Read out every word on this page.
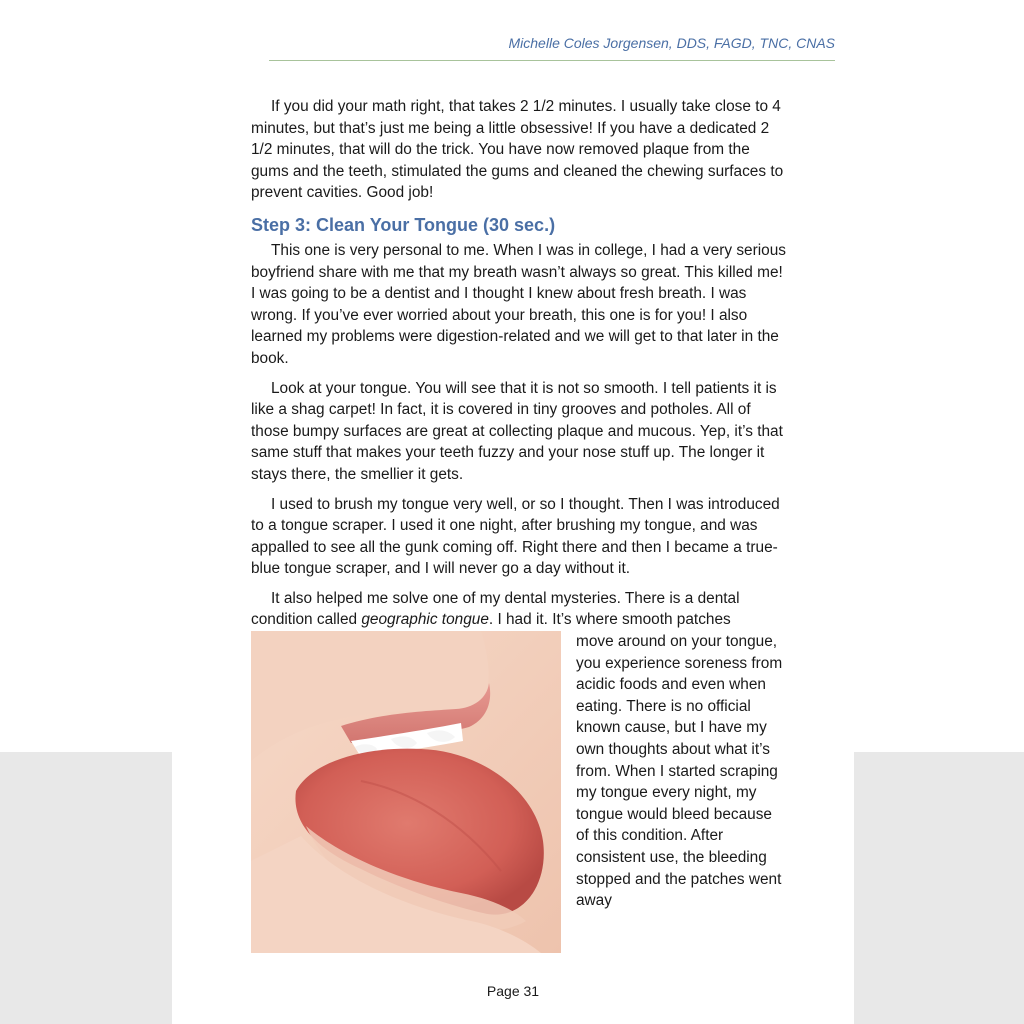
Michelle Coles Jorgensen, DDS, FAGD, TNC, CNAS

If you did your math right, that takes 2 1/2 minutes. I usually take close to 4 minutes, but that’s just me being a little obsessive! If you have a dedicated 2 1/2 minutes, that will do the trick. You have now removed plaque from the gums and the teeth, stimulated the gums and cleaned the chewing surfaces to prevent cavities. Good job!

Step 3: Clean Your Tongue (30 sec.)

This one is very personal to me. When I was in college, I had a very serious boyfriend share with me that my breath wasn’t always so great. This killed me! I was going to be a dentist and I thought I knew about fresh breath. I was wrong. If you’ve ever worried about your breath, this one is for you! I also learned my problems were digestion-related and we will get to that later in the book.

Look at your tongue. You will see that it is not so smooth. I tell patients it is like a shag carpet! In fact, it is covered in tiny grooves and potholes. All of those bumpy surfaces are great at collecting plaque and mucous. Yep, it’s that same stuff that makes your teeth fuzzy and your nose stuff up. The longer it stays there, the smellier it gets.

I used to brush my tongue very well, or so I thought. Then I was introduced to a tongue scraper. I used it one night, after brushing my tongue, and was appalled to see all the gunk coming off. Right there and then I became a true-blue tongue scraper, and I will never go a day without it.

It also helped me solve one of my dental mysteries. There is a dental condition called geographic tongue. I had it. It’s where smooth patches

move around on your tongue, you experience soreness from acidic foods and even when eating. There is no official known cause, but I have my own thoughts about what it’s from. When I started scraping my tongue every night, my tongue would bleed because of this condition. After consistent use, the bleeding stopped and the patches went away

Page 31
